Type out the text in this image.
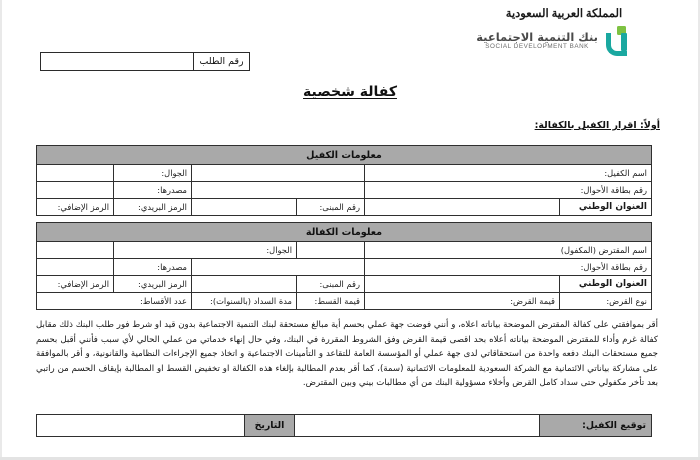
المملكة العربية السعودية
بنك التنمية الاجتماعية
SOCIAL DEVELOPMENT BANK
رقم الطلب
كفالة شخصية
أولاً: اقرار الكفيل بالكفالة:
معلومات الكفيل					
اسم الكفيل:				الجوال:	
رقم بطاقة الأحوال:				مصدرها:	
العنوان الوطني		رقم المبنى:		الرمز البريدي:	الرمز الإضافي:
معلومات الكفالة					
اسم المقترض (المكفول)			الجوال:		
رقم بطاقة الأحوال:				مصدرها:	
العنوان الوطني		رقم المبنى:		الرمز البريدي:	الرمز الإضافي:
نوع القرض:	قيمة القرض:	قيمة القسط:	مدة السداد (بالسنوات):	عدد الأقساط:	
أقر بموافقتي على كفالة المقترض الموضحة بياناته اعلاه، و أنني فوضت جهة عملي بحسم أية مبالغ مستحقة لبنك التنمية الاجتماعية بدون قيد او شرط فور طلب البنك ذلك مقابل كفالة غرم وأداء للمقترض الموضحة بياناته أعلاه بحد اقصى قيمة القرض وفق الشروط المقررة في البنك، وفي حال إنهاء خدماتي من عملي الحالي لأي سبب فأنني أقبل بحسم جميع مستحقات البنك دفعه واحدة من استحقاقاتي لدى جهة عملي أو المؤسسة العامة للتقاعد و التأمينات الاجتماعية و اتخاذ جميع الإجراءات النظامية والقانونية، و أقر بالموافقة على مشاركة بياناتي الائتمانية مع الشركة السعودية للمعلومات الائتمانية (سمة)، كما أقر بعدم المطالبة بإلغاء هذه الكفالة او تخفيض القسط او المطالبة بإيقاف الحسم من راتبي بعد تأخر مكفولي حتى سداد كامل القرض وأخلاء مسؤولية البنك من أي مطالبات بيني وبين المقترض.
توقيع الكفيل:		التاريخ	
